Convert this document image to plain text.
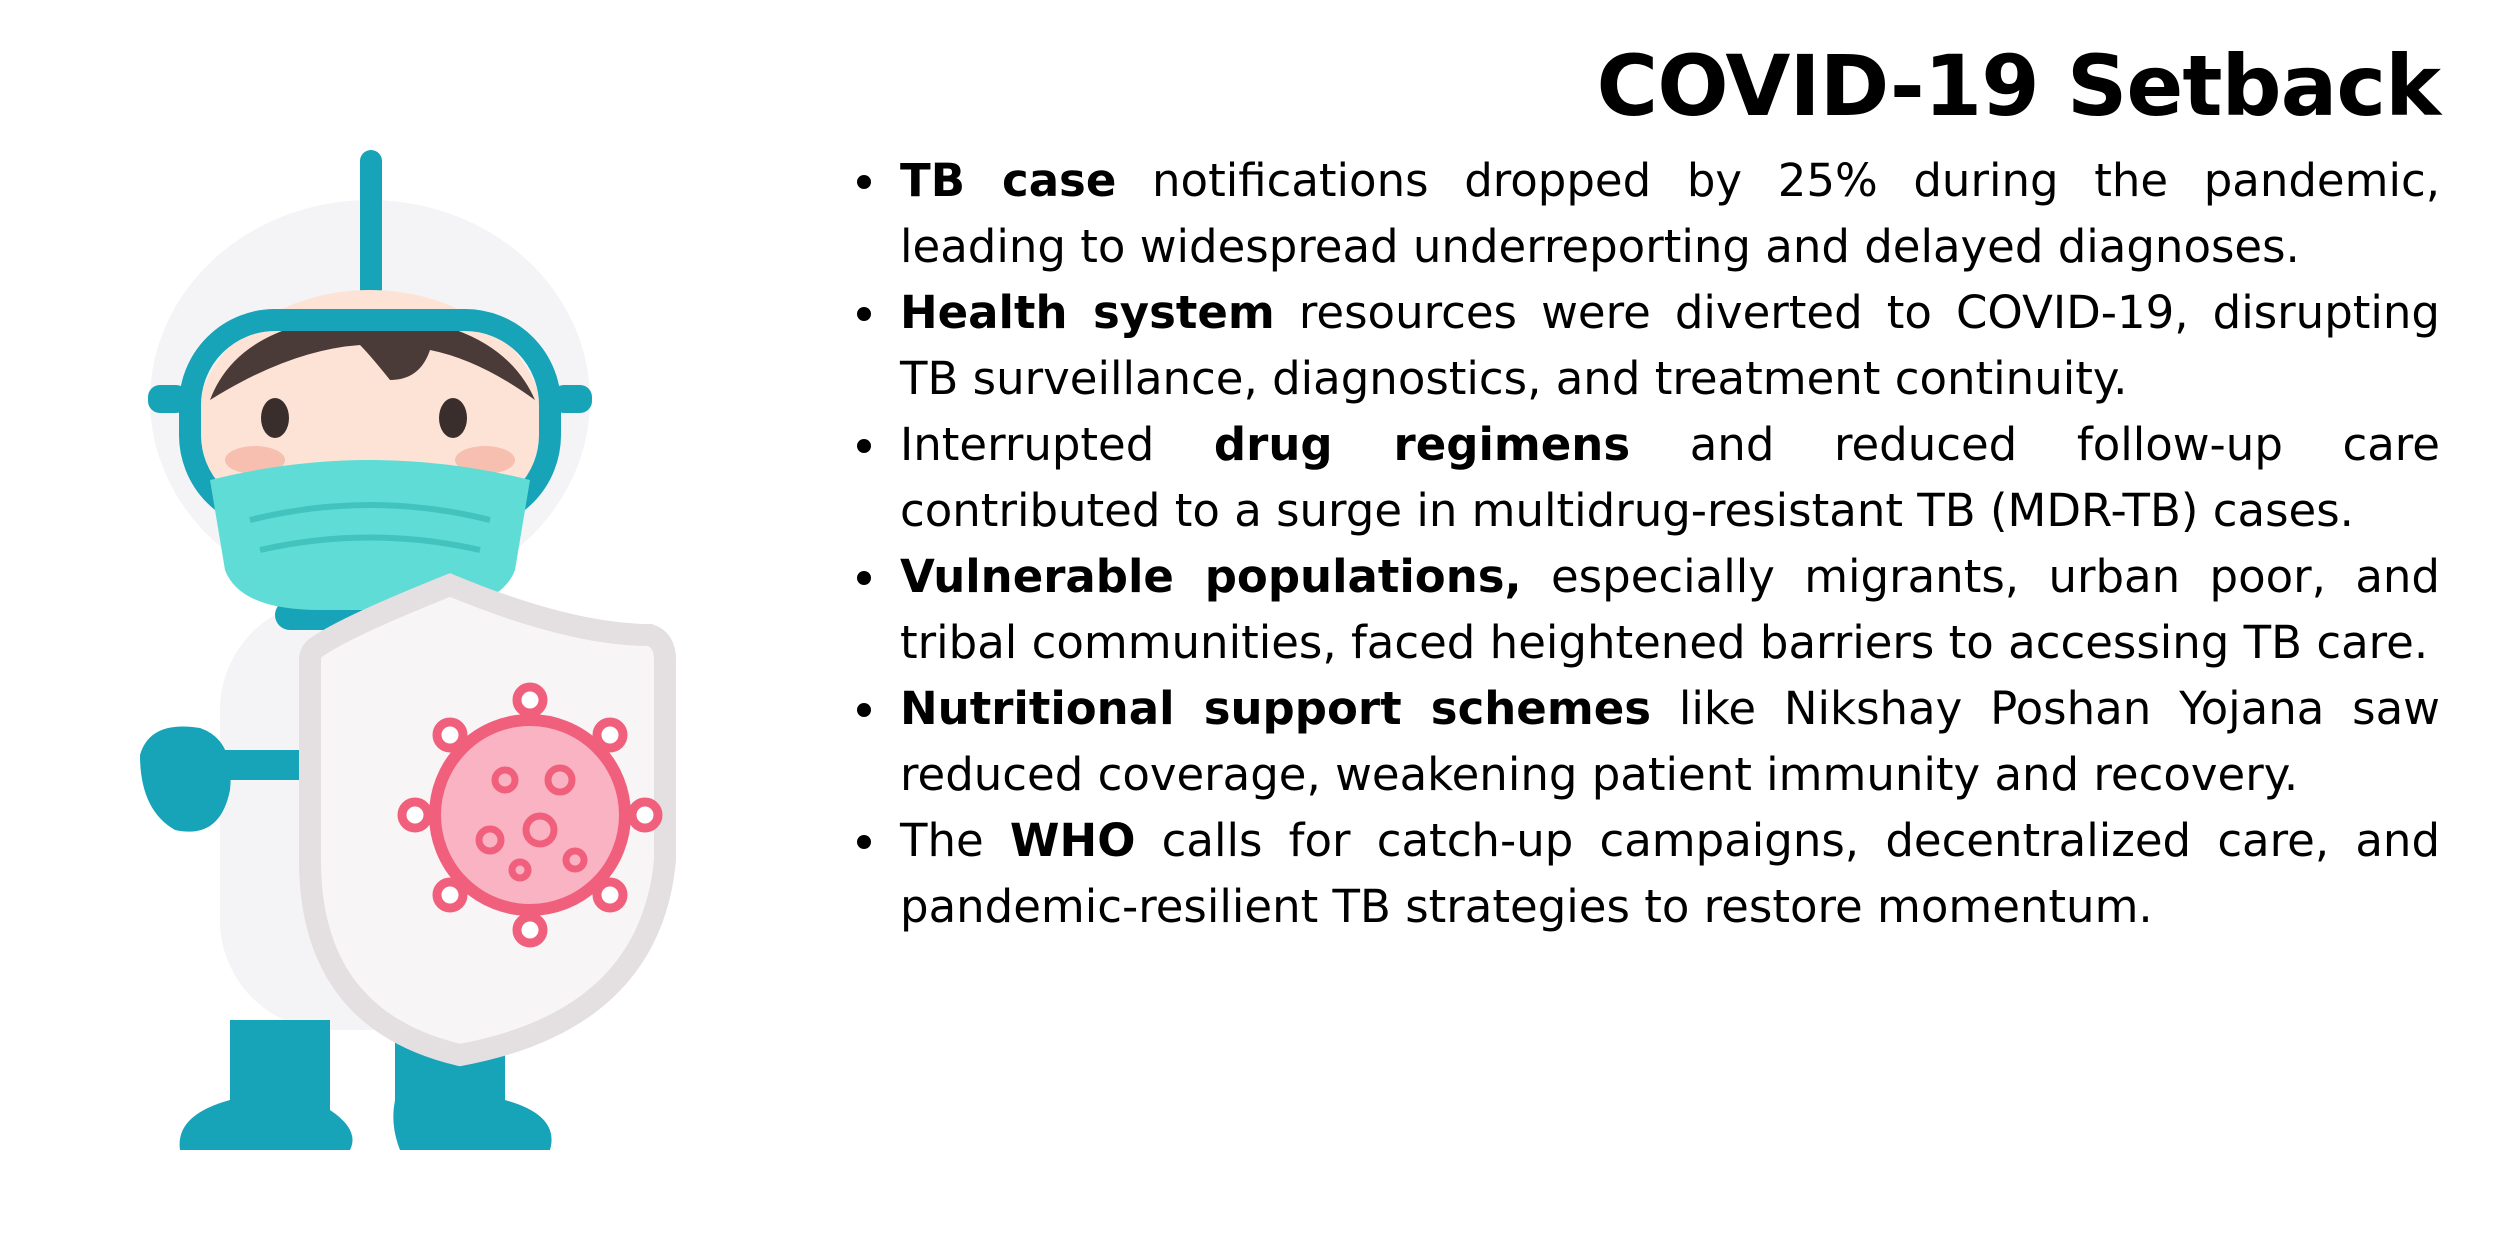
COVID-19 Setback
TB case notifications dropped by 25% during the pandemic, leading to widespread underreporting and delayed diagnoses.
Health system resources were diverted to COVID-19, disrupting TB surveillance, diagnostics, and treatment continuity.
Interrupted drug regimens and reduced follow-up care contributed to a surge in multidrug-resistant TB (MDR-TB) cases.
Vulnerable populations, especially migrants, urban poor, and tribal communities, faced heightened barriers to accessing TB care.
Nutritional support schemes like Nikshay Poshan Yojana saw reduced coverage, weakening patient immunity and recovery.
The WHO calls for catch-up campaigns, decentralized care, and pandemic-resilient TB strategies to restore momentum.
